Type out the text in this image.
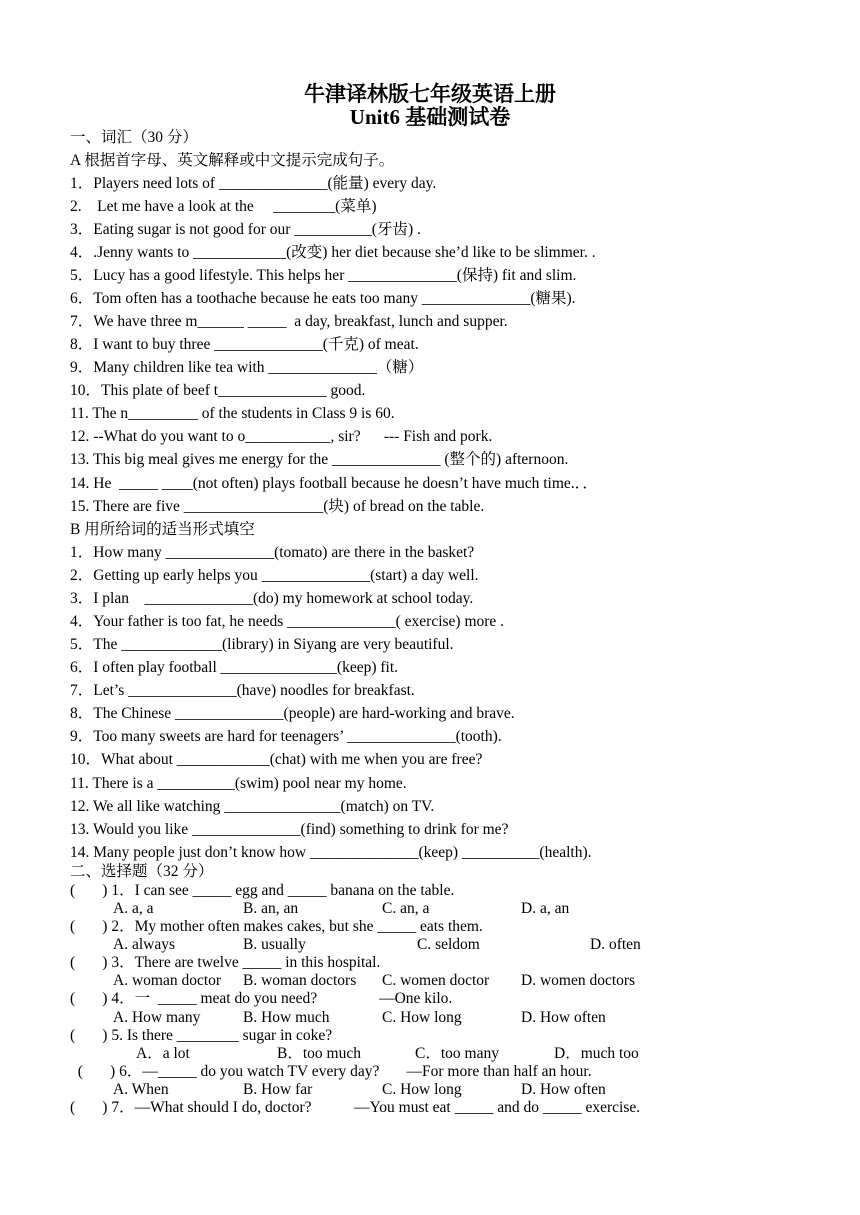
牛津译林版七年级英语上册
Unit6 基础测试卷
一、词汇（30 分）
A 根据首字母、英文解释或中文提示完成句子。
1．Players need lots of ______________(能量) every day.
2.    Let me have a look at the     ________(菜单)
3．Eating sugar is not good for our __________(牙齿) .
4．.Jenny wants to ____________(改变) her diet because she’d like to be slimmer. .
5．Lucy has a good lifestyle. This helps her ______________(保持) fit and slim.
6．Tom often has a toothache because he eats too many ______________(糖果).
7．We have three m______ _____  a day, breakfast, lunch and supper.
8．I want to buy three ______________(千克) of meat.
9．Many children like tea with ______________（糖）
10．This plate of beef t______________ good.
11. The n_________ of the students in Class 9 is 60.
12. --What do you want to o___________, sir?      --- Fish and pork.
13. This big meal gives me energy for the ______________ (整个的) afternoon.
14. He  _____ ____(not often) plays football because he doesn’t have much time.．．
15. There are five __________________(块) of bread on the table.
B 用所给词的适当形式填空
1．How many ______________(tomato) are there in the basket?
2．Getting up early helps you ______________(start) a day well.
3．I plan    ______________(do) my homework at school today.
4．Your father is too fat, he needs ______________( exercise) more .
5．The _____________(library) in Siyang are very beautiful.
6．I often play football _______________(keep) fit.
7．Let’s ______________(have) noodles for breakfast.
8．The Chinese ______________(people) are hard-working and brave.
9．Too many sweets are hard for teenagers’ ______________(tooth).
10．What about ____________(chat) with me when you are free?
11. There is a __________(swim) pool near my home.
12. We all like watching _______________(match) on TV.
13. Would you like ______________(find) something to drink for me?
14. Many people just don’t know how ______________(keep) __________(health).
二、选择题（32 分）
(       ) 1．I can see _____ egg and _____ banana on the table.
A. a, a	B. an, an	C. an, a	D. a, an
(       ) 2．My mother often makes cakes, but she _____ eats them.
A. always	B. usually	C. seldom	D. often
(       ) 3．There are twelve _____ in this hospital.
A. woman doctor B. woman doctors C. women doctor D. women doctors
(       ) 4．一  _____ meat do you need?                —One kilo.
A. How many	B. How much	C. How long	D. How often
(       ) 5. Is there ________ sugar in coke?
A．a lot	B．too much	C．too many	D．much too
(       ) 6．—_____ do you watch TV every day?       —For more than half an hour.
A. When	B. How far	C. How long	D. How often
(       ) 7．—What should I do, doctor?           —You must eat _____ and do _____ exercise.
